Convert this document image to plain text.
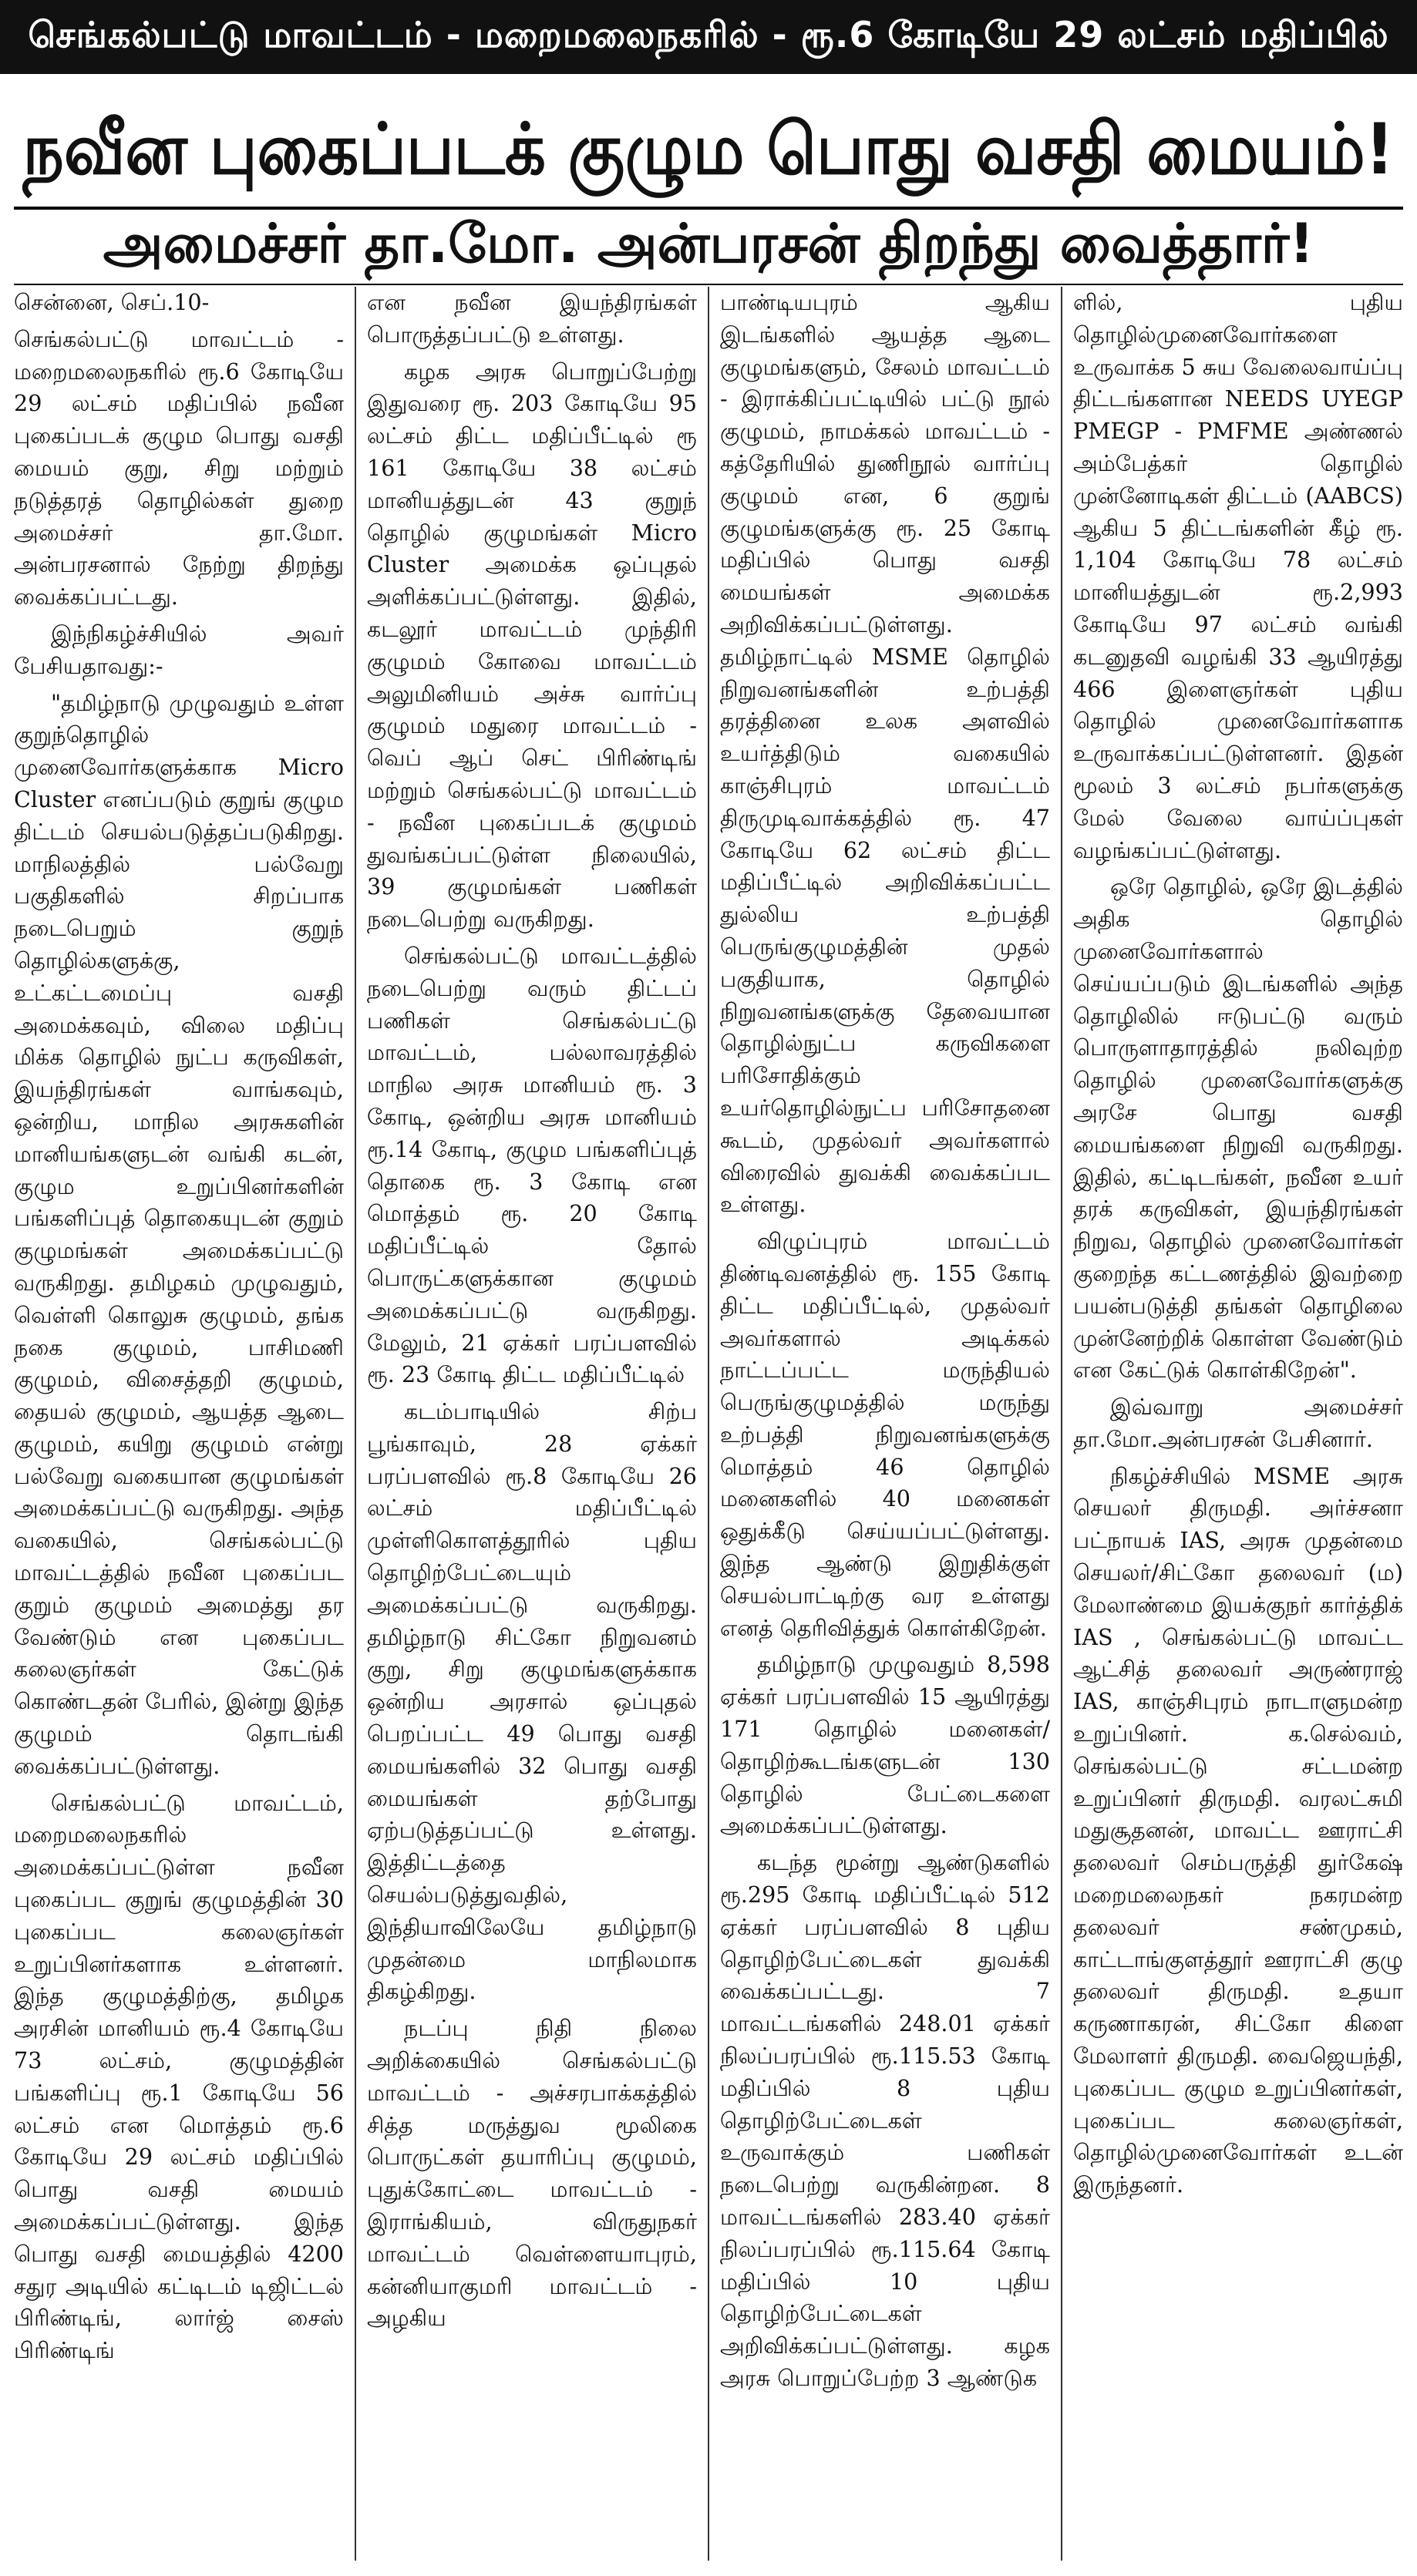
செங்கல்பட்டு மாவட்டம் - மறைமலைநகரில் - ரூ.6 கோடியே 29 லட்சம் மதிப்பில்
நவீன புகைப்படக் குழும பொது வசதி மையம்!
அமைச்சர் தா.மோ. அன்பரசன் திறந்து வைத்தார்!

சென்னை, செப்.10-

செங்கல்பட்டு மாவட்டம் - மறைமலைநகரில் ரூ.6 கோடியே 29 லட்சம் மதிப்பில் நவீன புகைப்படக் குழும பொது வசதி மையம் குறு, சிறு மற்றும் நடுத்தரத் தொழில்கள் துறை அமைச்சர் தா.மோ. அன்பரசனால் நேற்று திறந்து வைக்கப்பட்டது.

இந்நிகழ்ச்சியில் அவர் பேசியதாவது:-

"தமிழ்நாடு முழுவதும் உள்ள குறுந்தொழில் முனைவோர்களுக்காக Micro Cluster எனப்படும் குறுங் குழும திட்டம் செயல்படுத்தப்படுகிறது. மாநிலத்தில் பல்வேறு பகுதிகளில் சிறப்பாக நடைபெறும் குறுந் தொழில்களுக்கு, உட்கட்டமைப்பு வசதி அமைக்கவும், விலை மதிப்பு மிக்க தொழில் நுட்ப கருவிகள், இயந்திரங்கள் வாங்கவும், ஒன்றிய, மாநில அரசுகளின் மானியங்களுடன் வங்கி கடன், குழும உறுப்பினர்களின் பங்களிப்புத் தொகையுடன் குறும் குழுமங்கள் அமைக்கப்பட்டு வருகிறது. தமிழகம் முழுவதும், வெள்ளி கொலுசு குழுமம், தங்க நகை குழுமம், பாசிமணி குழுமம், விசைத்தறி குழுமம், தையல் குழுமம், ஆயத்த ஆடை குழுமம், கயிறு குழுமம் என்று பல்வேறு வகையான குழுமங்கள் அமைக்கப்பட்டு வருகிறது. அந்த வகையில், செங்கல்பட்டு மாவட்டத்தில் நவீன புகைப்பட குறும் குழுமம் அமைத்து தர வேண்டும் என புகைப்பட கலைஞர்கள் கேட்டுக் கொண்டதன் பேரில், இன்று இந்த குழுமம் தொடங்கி வைக்கப்பட்டுள்ளது.

செங்கல்பட்டு மாவட்டம், மறைமலைநகரில் அமைக்கப்பட்டுள்ள நவீன புகைப்பட குறுங் குழுமத்தின் 30 புகைப்பட கலைஞர்கள் உறுப்பினர்களாக உள்ளனர். இந்த குழுமத்திற்கு, தமிழக அரசின் மானியம் ரூ.4 கோடியே 73 லட்சம், குழுமத்தின் பங்களிப்பு ரூ.1 கோடியே 56 லட்சம் என மொத்தம் ரூ.6 கோடியே 29 லட்சம் மதிப்பில் பொது வசதி மையம் அமைக்கப்பட்டுள்ளது. இந்த பொது வசதி மையத்தில் 4200 சதுர அடியில் கட்டிடம் டிஜிட்டல் பிரிண்டிங், லார்ஜ் சைஸ் பிரிண்டிங்

என நவீன இயந்திரங்கள் பொருத்தப்பட்டு உள்ளது.

கழக அரசு பொறுப்பேற்று இதுவரை ரூ. 203 கோடியே 95 லட்சம் திட்ட மதிப்பீட்டில் ரூ 161 கோடியே 38 லட்சம் மானியத்துடன் 43 குறுந் தொழில் குழுமங்கள் Micro Cluster அமைக்க ஒப்புதல் அளிக்கப்பட்டுள்ளது. இதில், கடலூர் மாவட்டம் முந்திரி குழுமம் கோவை மாவட்டம் அலுமினியம் அச்சு வார்ப்பு குழுமம் மதுரை மாவட்டம் - வெப் ஆப் செட் பிரிண்டிங் மற்றும் செங்கல்பட்டு மாவட்டம் - நவீன புகைப்படக் குழுமம் துவங்கப்பட்டுள்ள நிலையில், 39 குழுமங்கள் பணிகள் நடைபெற்று வருகிறது.

செங்கல்பட்டு மாவட்டத்தில் நடைபெற்று வரும் திட்டப் பணிகள் செங்கல்பட்டு மாவட்டம், பல்லாவரத்தில் மாநில அரசு மானியம் ரூ. 3 கோடி, ஒன்றிய அரசு மானியம் ரூ.14 கோடி, குழும பங்களிப்புத் தொகை ரூ. 3 கோடி என மொத்தம் ரூ. 20 கோடி மதிப்பீட்டில் தோல் பொருட்களுக்கான குழுமம் அமைக்கப்பட்டு வருகிறது. மேலும், 21 ஏக்கர் பரப்பளவில் ரூ. 23 கோடி திட்ட மதிப்பீட்டில்

கடம்பாடியில் சிற்ப பூங்காவும், 28 ஏக்கர் பரப்பளவில் ரூ.8 கோடியே 26 லட்சம் மதிப்பீட்டில் முள்ளிகொளத்தூரில் புதிய தொழிற்பேட்டையும் அமைக்கப்பட்டு வருகிறது. தமிழ்நாடு சிட்கோ நிறுவனம் குறு, சிறு குழுமங்களுக்காக ஒன்றிய அரசால் ஒப்புதல் பெறப்பட்ட 49 பொது வசதி மையங்களில் 32 பொது வசதி மையங்கள் தற்போது ஏற்படுத்தப்பட்டு உள்ளது. இத்திட்டத்தை செயல்படுத்துவதில், இந்தியாவிலேயே தமிழ்நாடு முதன்மை மாநிலமாக திகழ்கிறது.

நடப்பு நிதி நிலை அறிக்கையில் செங்கல்பட்டு மாவட்டம் - அச்சரபாக்கத்தில் சித்த மருத்துவ மூலிகை பொருட்கள் தயாரிப்பு குழுமம், புதுக்கோட்டை மாவட்டம் - இராங்கியம், விருதுநகர் மாவட்டம் வெள்ளையாபுரம், கன்னியாகுமரி மாவட்டம் - அழகிய

பாண்டியபுரம் ஆகிய இடங்களில் ஆயத்த ஆடை குழுமங்களும், சேலம் மாவட்டம் - இராக்கிப்பட்டியில் பட்டு நூல் குழுமம், நாமக்கல் மாவட்டம் - கத்தேரியில் துணிநூல் வார்ப்பு குழுமம் என, 6 குறுங் குழுமங்களுக்கு ரூ. 25 கோடி மதிப்பில் பொது வசதி மையங்கள் அமைக்க அறிவிக்கப்பட்டுள்ளது. தமிழ்நாட்டில் MSME தொழில் நிறுவனங்களின் உற்பத்தி தரத்தினை உலக அளவில் உயர்த்திடும் வகையில் காஞ்சிபுரம் மாவட்டம் திருமுடிவாக்கத்தில் ரூ. 47 கோடியே 62 லட்சம் திட்ட மதிப்பீட்டில் அறிவிக்கப்பட்ட துல்லிய உற்பத்தி பெருங்குழுமத்தின் முதல் பகுதியாக, தொழில் நிறுவனங்களுக்கு தேவையான தொழில்நுட்ப கருவிகளை பரிசோதிக்கும் உயர்தொழில்நுட்ப பரிசோதனை கூடம், முதல்வர் அவர்களால் விரைவில் துவக்கி வைக்கப்பட உள்ளது.

விழுப்புரம் மாவட்டம் திண்டிவனத்தில் ரூ. 155 கோடி திட்ட மதிப்பீட்டில், முதல்வர் அவர்களால் அடிக்கல் நாட்டப்பட்ட மருந்தியல் பெருங்குழுமத்தில் மருந்து உற்பத்தி நிறுவனங்களுக்கு மொத்தம் 46 தொழில் மனைகளில் 40 மனைகள் ஒதுக்கீடு செய்யப்பட்டுள்ளது. இந்த ஆண்டு இறுதிக்குள் செயல்பாட்டிற்கு வர உள்ளது எனத் தெரிவித்துக் கொள்கிறேன்.

தமிழ்நாடு முழுவதும் 8,598 ஏக்கர் பரப்பளவில் 15 ஆயிரத்து 171 தொழில் மனைகள்/தொழிற்கூடங்களுடன் 130 தொழில் பேட்டைகளை அமைக்கப்பட்டுள்ளது.

கடந்த மூன்று ஆண்டுகளில் ரூ.295 கோடி மதிப்பீட்டில் 512 ஏக்கர் பரப்பளவில் 8 புதிய தொழிற்பேட்டைகள் துவக்கி வைக்கப்பட்டது. 7 மாவட்டங்களில் 248.01 ஏக்கர் நிலப்பரப்பில் ரூ.115.53 கோடி மதிப்பில் 8 புதிய தொழிற்பேட்டைகள் உருவாக்கும் பணிகள் நடைபெற்று வருகின்றன. 8 மாவட்டங்களில் 283.40 ஏக்கர் நிலப்பரப்பில் ரூ.115.64 கோடி மதிப்பில் 10 புதிய தொழிற்பேட்டைகள் அறிவிக்கப்பட்டுள்ளது. கழக அரசு பொறுப்பேற்ற 3 ஆண்டுக

ளில், புதிய தொழில்முனைவோர்களை உருவாக்க 5 சுய வேலைவாய்ப்பு திட்டங்களான NEEDS UYEGP PMEGP - PMFME அண்ணல் அம்பேத்கர் தொழில் முன்னோடிகள் திட்டம் (AABCS) ஆகிய 5 திட்டங்களின் கீழ் ரூ. 1,104 கோடியே 78 லட்சம் மானியத்துடன் ரூ.2,993 கோடியே 97 லட்சம் வங்கி கடனுதவி வழங்கி 33 ஆயிரத்து 466 இளைஞர்கள் புதிய தொழில் முனைவோர்களாக உருவாக்கப்பட்டுள்ளனர். இதன் மூலம் 3 லட்சம் நபர்களுக்கு மேல் வேலை வாய்ப்புகள் வழங்கப்பட்டுள்ளது.

ஒரே தொழில், ஒரே இடத்தில் அதிக தொழில் முனைவோர்களால் செய்யப்படும் இடங்களில் அந்த தொழிலில் ஈடுபட்டு வரும் பொருளாதாரத்தில் நலிவுற்ற தொழில் முனைவோர்களுக்கு அரசே பொது வசதி மையங்களை நிறுவி வருகிறது. இதில், கட்டிடங்கள், நவீன உயர் தரக் கருவிகள், இயந்திரங்கள் நிறுவ, தொழில் முனைவோர்கள் குறைந்த கட்டணத்தில் இவற்றை பயன்படுத்தி தங்கள் தொழிலை முன்னேற்றிக் கொள்ள வேண்டும் என கேட்டுக் கொள்கிறேன்".

இவ்வாறு அமைச்சர் தா.மோ.அன்பரசன் பேசினார்.

நிகழ்ச்சியில் MSME அரசு செயலர் திருமதி. அர்ச்சனா பட்நாயக் IAS, அரசு முதன்மை செயலர்/சிட்கோ தலைவர் (ம) மேலாண்மை இயக்குநர் கார்த்திக் IAS , செங்கல்பட்டு மாவட்ட ஆட்சித் தலைவர் அருண்ராஜ் IAS, காஞ்சிபுரம் நாடாளுமன்ற உறுப்பினர். க.செல்வம், செங்கல்பட்டு சட்டமன்ற உறுப்பினர் திருமதி. வரலட்சுமி மதுசூதனன், மாவட்ட ஊராட்சி தலைவர் செம்பருத்தி துர்கேஷ் மறைமலைநகர் நகரமன்ற தலைவர் சண்முகம், காட்டாங்குளத்தூர் ஊராட்சி குழு தலைவர் திருமதி. உதயா கருணாகரன், சிட்கோ கிளை மேலாளர் திருமதி. வைஜெயந்தி, புகைப்பட குழும உறுப்பினர்கள், புகைப்பட கலைஞர்கள், தொழில்முனைவோர்கள் உடன் இருந்தனர்.
